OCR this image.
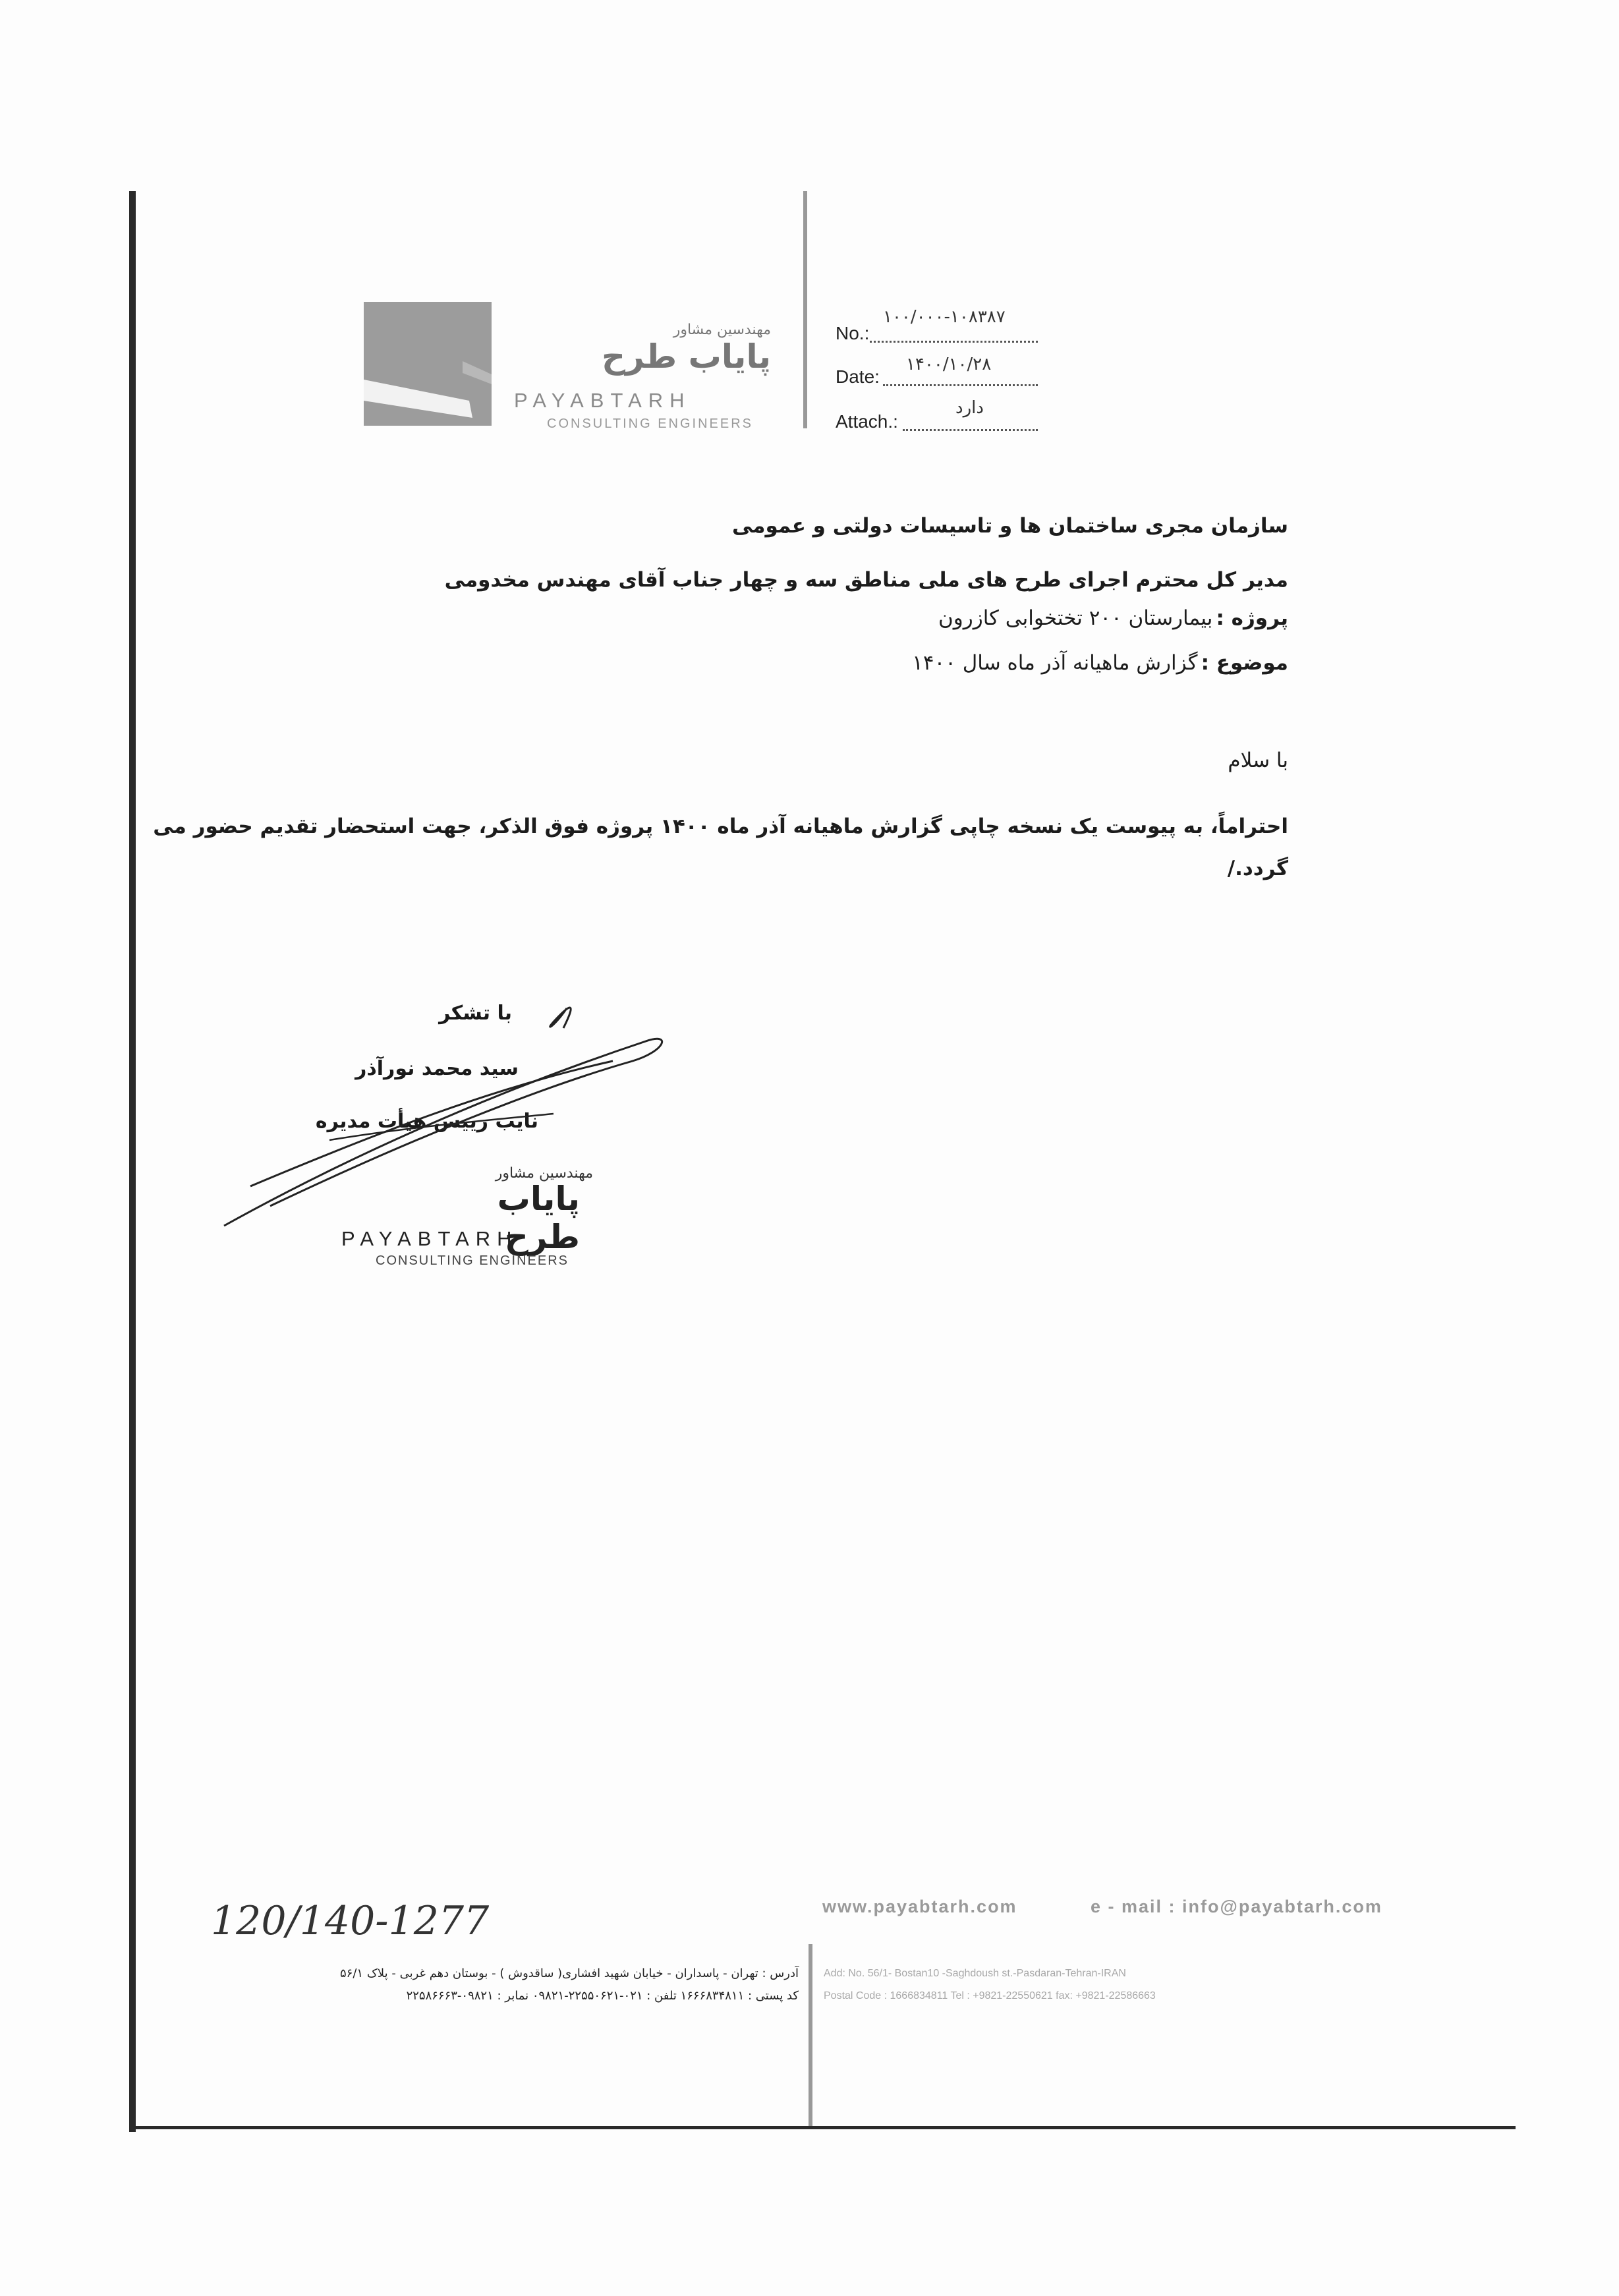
مهندسین مشاور
پایاب طرح
PAYABTARH
CONSULTING ENGINEERS
No.:
۱۰۰/۰۰۰-۱۰۸۳۸۷
Date:
۱۴۰۰/۱۰/۲۸
Attach.:
دارد
سازمان مجری ساختمان ها و تاسیسات دولتی و عمومی
مدیر کل محترم اجرای طرح های ملی مناطق سه و چهار جناب آقای مهندس مخدومی
پروژه : بیمارستان ۲۰۰ تختخوابی کازرون
موضوع : گزارش ماهیانه آذر ماه سال ۱۴۰۰
با سلام
احتراماً، به پیوست یک نسخه چاپی گزارش ماهیانه آذر ماه ۱۴۰۰ پروژه فوق الذکر، جهت استحضار تقدیم حضور می
گردد./
با تشکر
سید محمد نورآذر
نایب رییس هیأت مدیره
مهندسین مشاور
پایاب طرح
PAYABTARH
CONSULTING ENGINEERS
120/140-1277	www.payabtarh.com	e - mail : info@payabtarh.com
آدرس : تهران - پاسداران - خیابان شهید افشاری( ساقدوش ) - بوستان دهم غربی - پلاک ۵۶/۱
کد پستی : ۱۶۶۶۸۳۴۸۱۱ تلفن : ۰۲۱-۲۲۵۵۰۶۲۱-۰۹۸۲۱ نمابر : ۰۹۸۲۱-۲۲۵۸۶۶۶۳
Add: No. 56/1- Bostan10 -Saghdoush st.-Pasdaran-Tehran-IRAN
Postal Code : 1666834811 Tel : +9821-22550621 fax: +9821-22586663
